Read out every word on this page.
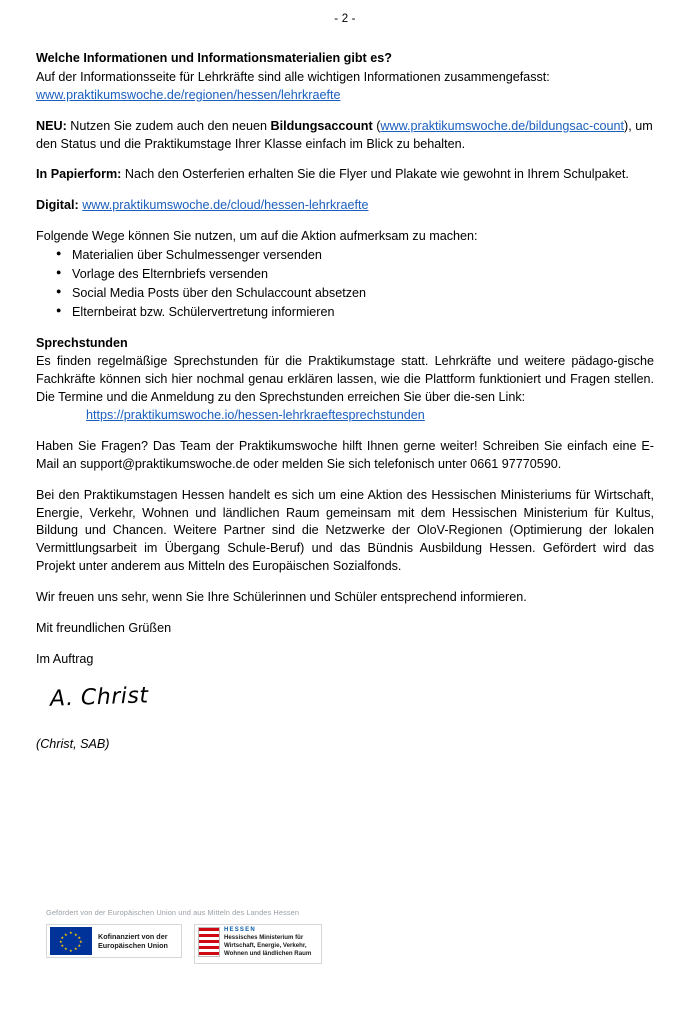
- 2 -

Welche Informationen und Informationsmaterialien gibt es?

Auf der Informationsseite für Lehrkräfte sind alle wichtigen Informationen zusammengefasst:

www.praktikumswoche.de/regionen/hessen/lehrkraefte

NEU: Nutzen Sie zudem auch den neuen Bildungsaccount (www.praktikumswoche.de/bildungsac-count), um den Status und die Praktikumstage Ihrer Klasse einfach im Blick zu behalten.

In Papierform: Nach den Osterferien erhalten Sie die Flyer und Plakate wie gewohnt in Ihrem Schulpaket.

Digital: www.praktikumswoche.de/cloud/hessen-lehrkraefte

Folgende Wege können Sie nutzen, um auf die Aktion aufmerksam zu machen:

● Materialien über Schulmessenger versenden
● Vorlage des Elternbriefs versenden
● Social Media Posts über den Schulaccount absetzen
● Elternbeirat bzw. Schülervertretung informieren

Sprechstunden

Es finden regelmäßige Sprechstunden für die Praktikumstage statt. Lehrkräfte und weitere pädago-gische Fachkräfte können sich hier nochmal genau erklären lassen, wie die Plattform funktioniert und Fragen stellen. Die Termine und die Anmeldung zu den Sprechstunden erreichen Sie über die-sen Link:

https://praktikumswoche.io/hessen-lehrkraeftesprechstunden

Haben Sie Fragen? Das Team der Praktikumswoche hilft Ihnen gerne weiter! Schreiben Sie einfach eine E-Mail an support@praktikumswoche.de oder melden Sie sich telefonisch unter 0661 97770590.

Bei den Praktikumstagen Hessen handelt es sich um eine Aktion des Hessischen Ministeriums für Wirtschaft, Energie, Verkehr, Wohnen und ländlichen Raum gemeinsam mit dem Hessischen Ministerium für Kultus, Bildung und Chancen. Weitere Partner sind die Netzwerke der OloV-Regionen (Optimierung der lokalen Vermittlungsarbeit im Übergang Schule-Beruf) und das Bündnis Ausbildung Hessen. Gefördert wird das Projekt unter anderem aus Mitteln des Europäischen Sozialfonds.

Wir freuen uns sehr, wenn Sie Ihre Schülerinnen und Schüler entsprechend informieren.

Mit freundlichen Grüßen

Im Auftrag

A. Christ

(Christ, SAB)

Gefördert von der Europäischen Union und aus Mitteln des Landes Hessen
★ ★
★
★
★
★
★
★
★
★
★
★	Kofinanziert von der Europäischen Union
HESSEN
Hessisches Ministerium für Wirtschaft, Energie, Verkehr, Wohnen und ländlichen Raum
